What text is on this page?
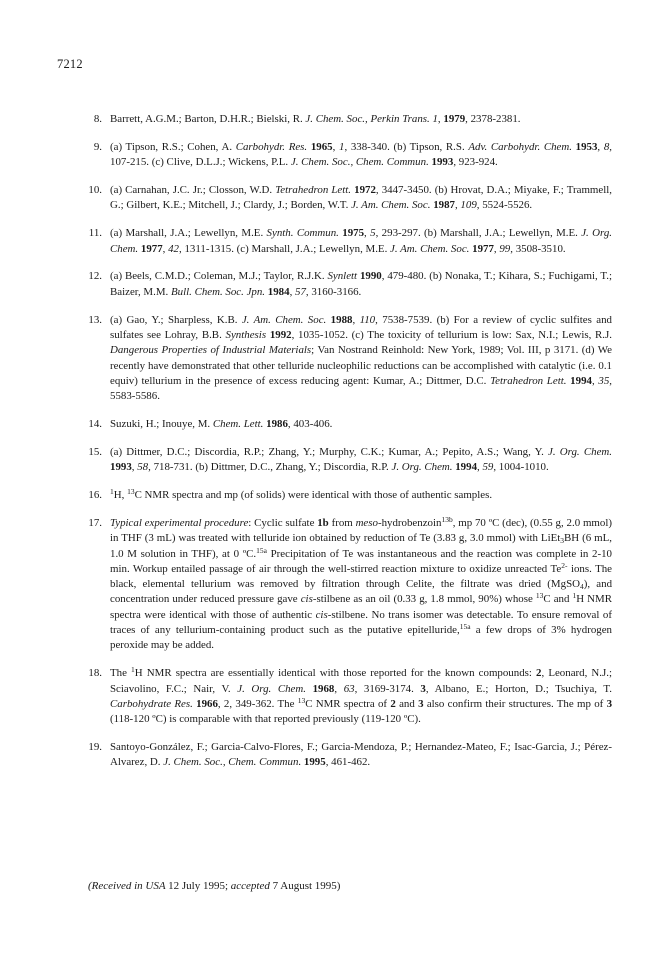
7212
8. Barrett, A.G.M.; Barton, D.H.R.; Bielski, R. J. Chem. Soc., Perkin Trans. 1, 1979, 2378-2381.
9. (a) Tipson, R.S.; Cohen, A. Carbohydr. Res. 1965, 1, 338-340. (b) Tipson, R.S. Adv. Carbohydr. Chem. 1953, 8, 107-215. (c) Clive, D.L.J.; Wickens, P.L. J. Chem. Soc., Chem. Commun. 1993, 923-924.
10. (a) Carnahan, J.C. Jr.; Closson, W.D. Tetrahedron Lett. 1972, 3447-3450. (b) Hrovat, D.A.; Miyake, F.; Trammell, G.; Gilbert, K.E.; Mitchell, J.; Clardy, J.; Borden, W.T. J. Am. Chem. Soc. 1987, 109, 5524-5526.
11. (a) Marshall, J.A.; Lewellyn, M.E. Synth. Commun. 1975, 5, 293-297. (b) Marshall, J.A.; Lewellyn, M.E. J. Org. Chem. 1977, 42, 1311-1315. (c) Marshall, J.A.; Lewellyn, M.E. J. Am. Chem. Soc. 1977, 99, 3508-3510.
12. (a) Beels, C.M.D.; Coleman, M.J.; Taylor, R.J.K. Synlett 1990, 479-480. (b) Nonaka, T.; Kihara, S.; Fuchigami, T.; Baizer, M.M. Bull. Chem. Soc. Jpn. 1984, 57, 3160-3166.
13. (a) Gao, Y.; Sharpless, K.B. J. Am. Chem. Soc. 1988, 110, 7538-7539. (b) For a review of cyclic sulfites and sulfates see Lohray, B.B. Synthesis 1992, 1035-1052. (c) The toxicity of tellurium is low: Sax, N.I.; Lewis, R.J. Dangerous Properties of Industrial Materials; Van Nostrand Reinhold: New York, 1989; Vol. III, p 3171. (d) We recently have demonstrated that other telluride nucleophilic reductions can be accomplished with catalytic (i.e. 0.1 equiv) tellurium in the presence of excess reducing agent: Kumar, A.; Dittmer, D.C. Tetrahedron Lett. 1994, 35, 5583-5586.
14. Suzuki, H.; Inouye, M. Chem. Lett. 1986, 403-406.
15. (a) Dittmer, D.C.; Discordia, R.P.; Zhang, Y.; Murphy, C.K.; Kumar, A.; Pepito, A.S.; Wang, Y. J. Org. Chem. 1993, 58, 718-731. (b) Dittmer, D.C., Zhang, Y.; Discordia, R.P. J. Org. Chem. 1994, 59, 1004-1010.
16. $^1$H, $^{13}$C NMR spectra and mp (of solids) were identical with those of authentic samples.
17. Typical experimental procedure: Cyclic sulfate 1b from meso-hydrobenzoin$^{13b}$, mp 70 ºC (dec), (0.55 g, 2.0 mmol) in THF (3 mL) was treated with telluride ion obtained by reduction of Te (3.83 g, 3.0 mmol) with LiEt$_3$BH (6 mL, 1.0 M solution in THF), at 0 ºC.$^{15a}$ Precipitation of Te was instantaneous and the reaction was complete in 2-10 min. Workup entailed passage of air through the well-stirred reaction mixture to oxidize unreacted $Te^{2-}$ ions. The black, elemental tellurium was removed by filtration through Celite, the filtrate was dried (MgSO$_4$), and concentration under reduced pressure gave cis-stilbene as an oil (0.33 g, 1.8 mmol, 90%) whose $^{13}$C and $^1$H NMR spectra were identical with those of authentic cis-stilbene. No trans isomer was detectable. To ensure removal of traces of any tellurium-containing product such as the putative epitelluride,$^{15a}$ a few drops of 3% hydrogen peroxide may be added.
18. The $^1$H NMR spectra are essentially identical with those reported for the known compounds: 2, Leonard, N.J.; Sciavolino, F.C.; Nair, V. J. Org. Chem. 1968, 63, 3169-3174. 3, Albano, E.; Horton, D.; Tsuchiya, T. Carbohydrate Res. 1966, 2, 349-362. The $^{13}$C NMR spectra of 2 and 3 also confirm their structures. The mp of 3 (118-120 ºC) is comparable with that reported previously (119-120 ºC).
19. Santoyo-González, F.; Garcia-Calvo-Flores, F.; Garcia-Mendoza, P.; Hernandez-Mateo, F.; Isac-Garcia, J.; Pérez-Alvarez, D. J. Chem. Soc., Chem. Commun. 1995, 461-462.
(Received in USA 12 July 1995; accepted 7 August 1995)
